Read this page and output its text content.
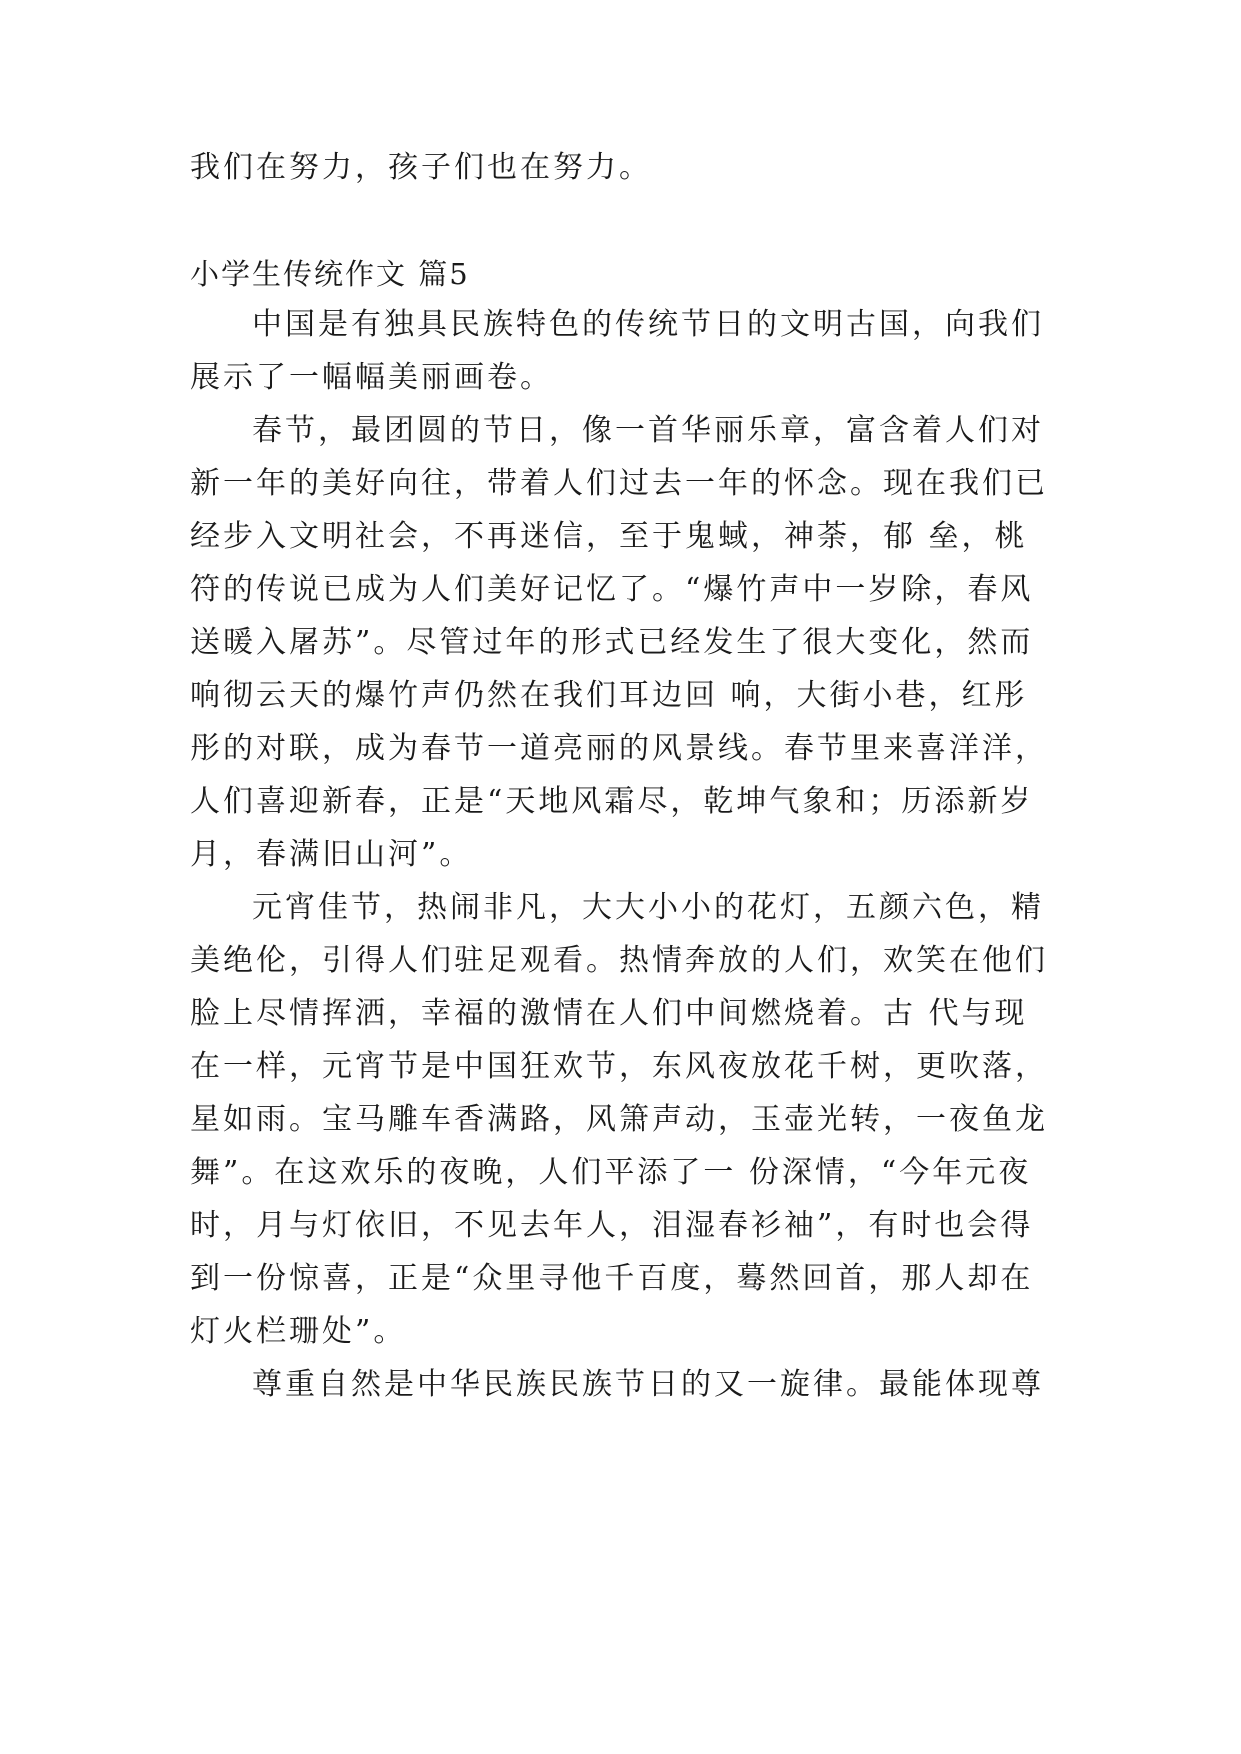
我们在努力，孩子们也在努力。
小学生传统作文 篇5
中国是有独具民族特色的传统节日的文明古国，向我们
展示了一幅幅美丽画卷。
春节，最团圆的节日，像一首华丽乐章，富含着人们对
新一年的美好向往，带着人们过去一年的怀念。现在我们已
经步入文明社会，不再迷信，至于鬼蜮，神荼，郁 垒，桃
符的传说已成为人们美好记忆了。“爆竹声中一岁除，春风
送暖入屠苏”。尽管过年的形式已经发生了很大变化，然而
响彻云天的爆竹声仍然在我们耳边回 响，大街小巷，红彤
彤的对联，成为春节一道亮丽的风景线。春节里来喜洋洋，
人们喜迎新春，正是“天地风霜尽，乾坤气象和；历添新岁
月，春满旧山河”。
元宵佳节，热闹非凡，大大小小的花灯，五颜六色，精
美绝伦，引得人们驻足观看。热情奔放的人们，欢笑在他们
脸上尽情挥洒，幸福的激情在人们中间燃烧着。古 代与现
在一样，元宵节是中国狂欢节，东风夜放花千树，更吹落，
星如雨。宝马雕车香满路，风箫声动，玉壶光转，一夜鱼龙
舞”。在这欢乐的夜晚，人们平添了一 份深情，“今年元夜
时，月与灯依旧，不见去年人，泪湿春衫袖”，有时也会得
到一份惊喜，正是“众里寻他千百度，蓦然回首，那人却在
灯火栏珊处”。
尊重自然是中华民族民族节日的又一旋律。最能体现尊
